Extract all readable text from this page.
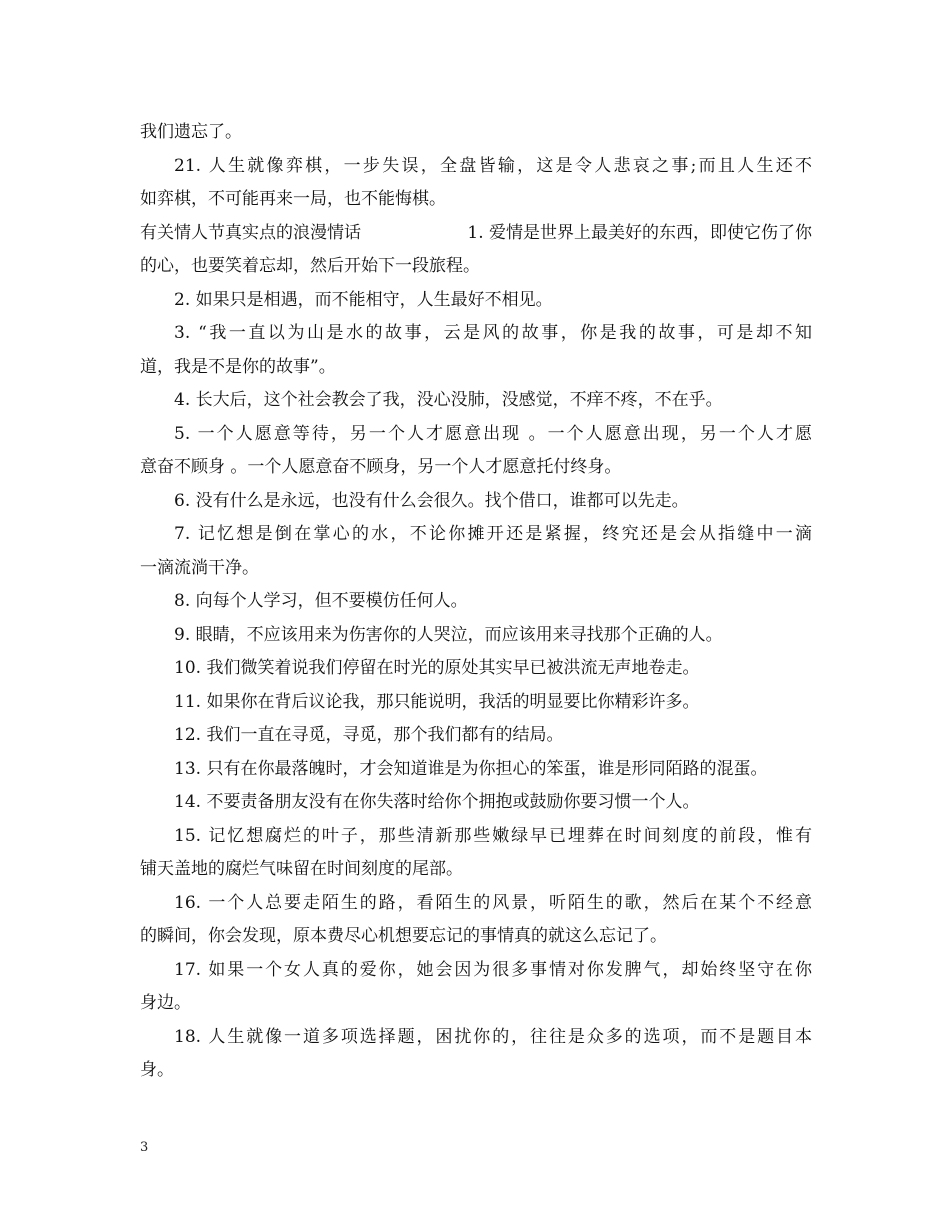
我们遗忘了。
21. 人生就像弈棋，一步失误，全盘皆输，这是令人悲哀之事;而且人生还不
如弈棋，不可能再来一局，也不能悔棋。
有关情人节真实点的浪漫情话	1. 爱情是世界上最美好的东西，即使它伤了你
的心，也要笑着忘却，然后开始下一段旅程。
2. 如果只是相遇，而不能相守，人生最好不相见。
3. “我一直以为山是水的故事，云是风的故事，你是我的故事，可是却不知
道，我是不是你的故事”。
4. 长大后，这个社会教会了我，没心没肺，没感觉，不痒不疼，不在乎。
5. 一个人愿意等待，另一个人才愿意出现 。一个人愿意出现，另一个人才愿
意奋不顾身 。一个人愿意奋不顾身，另一个人才愿意托付终身。
6. 没有什么是永远，也没有什么会很久。找个借口，谁都可以先走。
7. 记忆想是倒在掌心的水，不论你摊开还是紧握，终究还是会从指缝中一滴
一滴流淌干净。
8. 向每个人学习，但不要模仿任何人。
9. 眼睛，不应该用来为伤害你的人哭泣，而应该用来寻找那个正确的人。
10. 我们微笑着说我们停留在时光的原处其实早已被洪流无声地卷走。
11. 如果你在背后议论我，那只能说明，我活的明显要比你精彩许多。
12. 我们一直在寻觅，寻觅，那个我们都有的结局。
13. 只有在你最落魄时，才会知道谁是为你担心的笨蛋，谁是形同陌路的混蛋。
14. 不要责备朋友没有在你失落时给你个拥抱或鼓励你要习惯一个人。
15. 记忆想腐烂的叶子，那些清新那些嫩绿早已埋葬在时间刻度的前段，惟有
铺天盖地的腐烂气味留在时间刻度的尾部。
16. 一个人总要走陌生的路，看陌生的风景，听陌生的歌，然后在某个不经意
的瞬间，你会发现，原本费尽心机想要忘记的事情真的就这么忘记了。
17. 如果一个女人真的爱你，她会因为很多事情对你发脾气，却始终坚守在你
身边。
18. 人生就像一道多项选择题，困扰你的，往往是众多的选项，而不是题目本
身。
3
